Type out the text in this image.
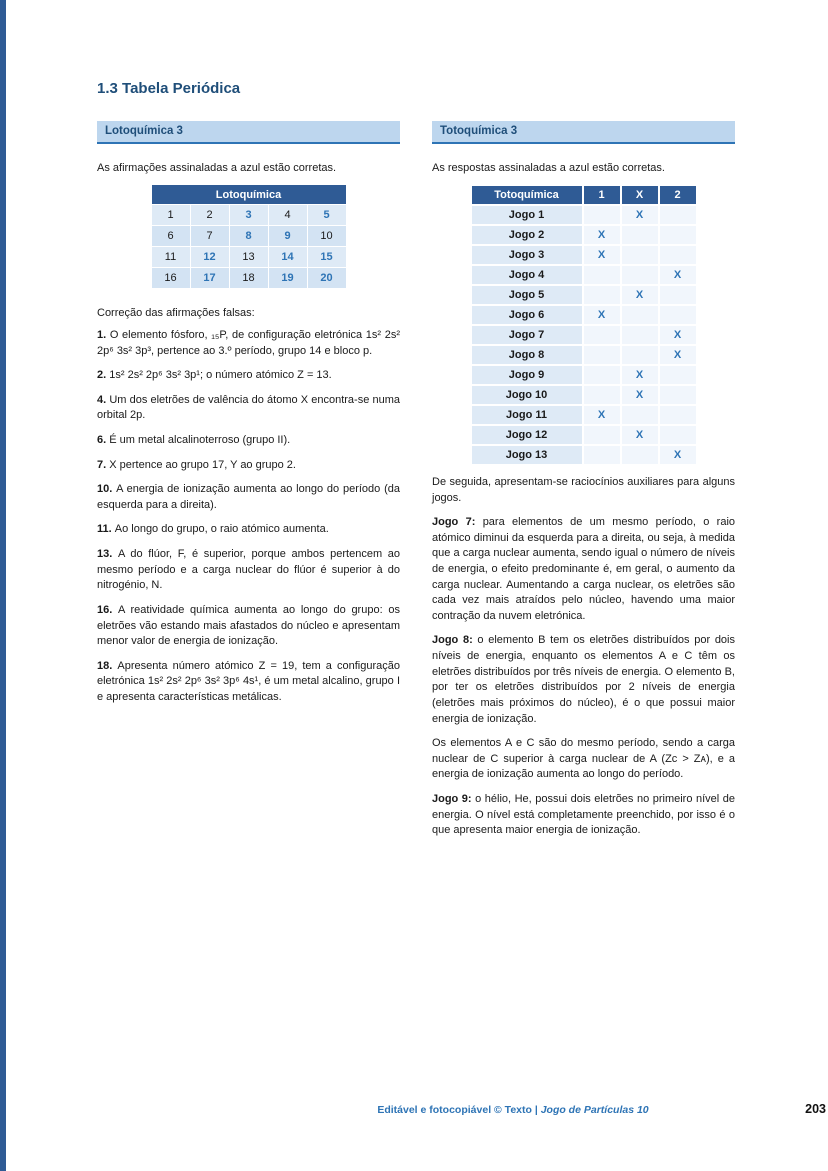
1.3 Tabela Periódica
Lotoquímica 3

As afirmações assinaladas a azul estão corretas.

Lotoquímica				
1	2	3	4	5
6	7	8	9	10
11	12	13	14	15
16	17	18	19	20

Correção das afirmações falsas:

1. O elemento fósforo, ₁₅P, de configuração eletrónica 1s² 2s² 2p⁶ 3s² 3p³, pertence ao 3.º período, grupo 14 e bloco p.

2. 1s² 2s² 2p⁶ 3s² 3p¹; o número atómico Z = 13.

4. Um dos eletrões de valência do átomo X encontra-se numa orbital 2p.

6. É um metal alcalinoterroso (grupo II).

7. X pertence ao grupo 17, Y ao grupo 2.

10. A energia de ionização aumenta ao longo do período (da esquerda para a direita).

11. Ao longo do grupo, o raio atómico aumenta.

13. A do flúor, F, é superior, porque ambos pertencem ao mesmo período e a carga nuclear do flúor é superior à do nitrogénio, N.

16. A reatividade química aumenta ao longo do grupo: os eletrões vão estando mais afastados do núcleo e apresentam menor valor de energia de ionização.

18. Apresenta número atómico Z = 19, tem a configuração eletrónica 1s² 2s² 2p⁶ 3s² 3p⁶ 4s¹, é um metal alcalino, grupo I e apresenta características metálicas.

Totoquímica 3

As respostas assinaladas a azul estão corretas.

Totoquímica	1	X	2
Jogo 1		X	
Jogo 2	X		
Jogo 3	X		
Jogo 4			X
Jogo 5		X	
Jogo 6	X		
Jogo 7			X
Jogo 8			X
Jogo 9		X	
Jogo 10		X	
Jogo 11	X		
Jogo 12		X	
Jogo 13			X

De seguida, apresentam-se raciocínios auxiliares para alguns jogos.

Jogo 7: para elementos de um mesmo período, o raio atómico diminui da esquerda para a direita, ou seja, à medida que a carga nuclear aumenta, sendo igual o número de níveis de energia, o efeito predominante é, em geral, o aumento da carga nuclear. Aumentando a carga nuclear, os eletrões são cada vez mais atraídos pelo núcleo, havendo uma maior contração da nuvem eletrónica.

Jogo 8: o elemento B tem os eletrões distribuídos por dois níveis de energia, enquanto os elementos A e C têm os eletrões distribuídos por três níveis de energia. O elemento B, por ter os eletrões distribuídos por 2 níveis de energia (eletrões mais próximos do núcleo), é o que possui maior energia de ionização.

Os elementos A e C são do mesmo período, sendo a carga nuclear de C superior à carga nuclear de A (Zᴄ > Zᴀ), e a energia de ionização aumenta ao longo do período.

Jogo 9: o hélio, He, possui dois eletrões no primeiro nível de energia. O nível está completamente preenchido, por isso é o que apresenta maior energia de ionização.

Editável e fotocopiável © Texto | Jogo de Partículas 10	203
